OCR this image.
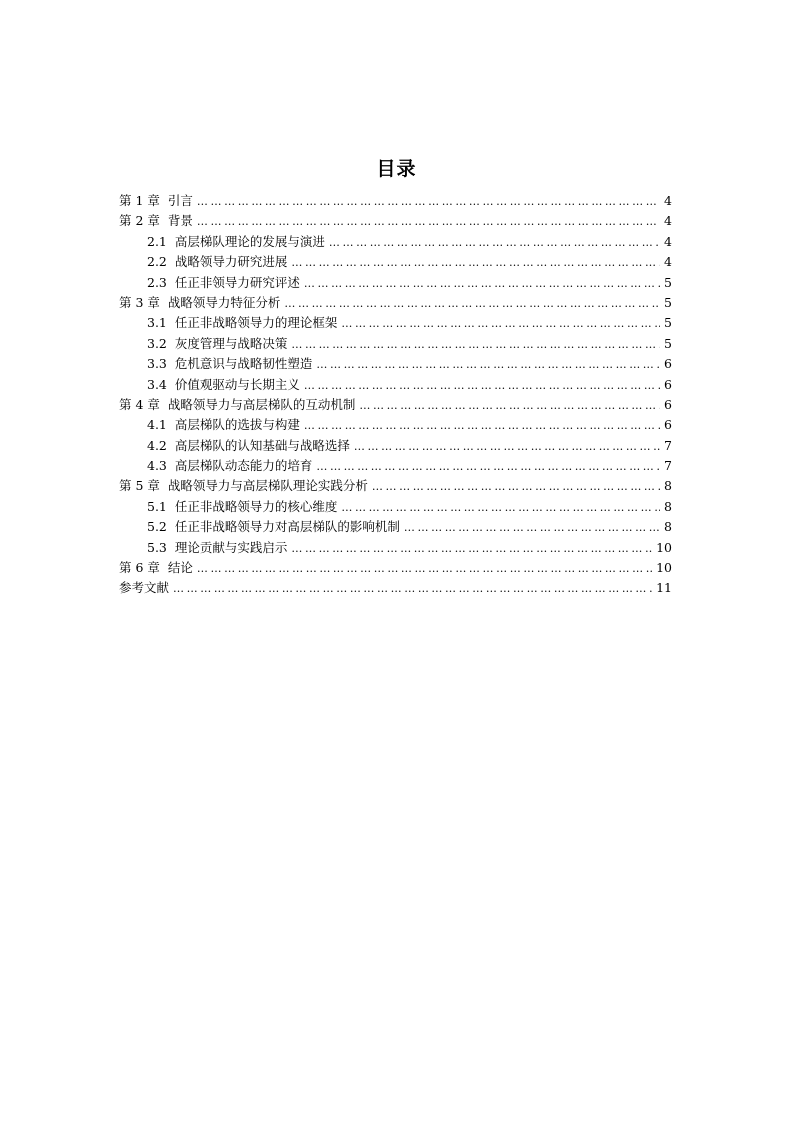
目录
第 1 章 引言 ……………………………………………………………………………………………………………………………………………………………………………………………………………………………………	4
第 2 章 背景 ……………………………………………………………………………………………………………………………………………………………………………………………………………………………………	4
2.1 高层梯队理论的发展与演进 ……………………………………………………………………………………………………………………………………………………………………………………………………………………………………	4
2.2 战略领导力研究进展 ……………………………………………………………………………………………………………………………………………………………………………………………………………………………………	4
2.3 任正非领导力研究评述 ……………………………………………………………………………………………………………………………………………………………………………………………………………………………………	5
第 3 章 战略领导力特征分析 ……………………………………………………………………………………………………………………………………………………………………………………………………………………………………	5
3.1 任正非战略领导力的理论框架 ……………………………………………………………………………………………………………………………………………………………………………………………………………………………………	5
3.2 灰度管理与战略决策 ……………………………………………………………………………………………………………………………………………………………………………………………………………………………………	5
3.3 危机意识与战略韧性塑造 ……………………………………………………………………………………………………………………………………………………………………………………………………………………………………	6
3.4 价值观驱动与长期主义 ……………………………………………………………………………………………………………………………………………………………………………………………………………………………………	6
第 4 章 战略领导力与高层梯队的互动机制 ……………………………………………………………………………………………………………………………………………………………………………………………………………………………………	6
4.1 高层梯队的选拔与构建 ……………………………………………………………………………………………………………………………………………………………………………………………………………………………………	6
4.2 高层梯队的认知基础与战略选择 ……………………………………………………………………………………………………………………………………………………………………………………………………………………………………	7
4.3 高层梯队动态能力的培育 ……………………………………………………………………………………………………………………………………………………………………………………………………………………………………	7
第 5 章 战略领导力与高层梯队理论实践分析 ……………………………………………………………………………………………………………………………………………………………………………………………………………………………………	8
5.1 任正非战略领导力的核心维度 ……………………………………………………………………………………………………………………………………………………………………………………………………………………………………	8
5.2 任正非战略领导力对高层梯队的影响机制 ……………………………………………………………………………………………………………………………………………………………………………………………………………………………………	8
5.3 理论贡献与实践启示 ……………………………………………………………………………………………………………………………………………………………………………………………………………………………………	10
第 6 章 结论 ……………………………………………………………………………………………………………………………………………………………………………………………………………………………………	10
参考文献 ……………………………………………………………………………………………………………………………………………………………………………………………………………………………………	11
